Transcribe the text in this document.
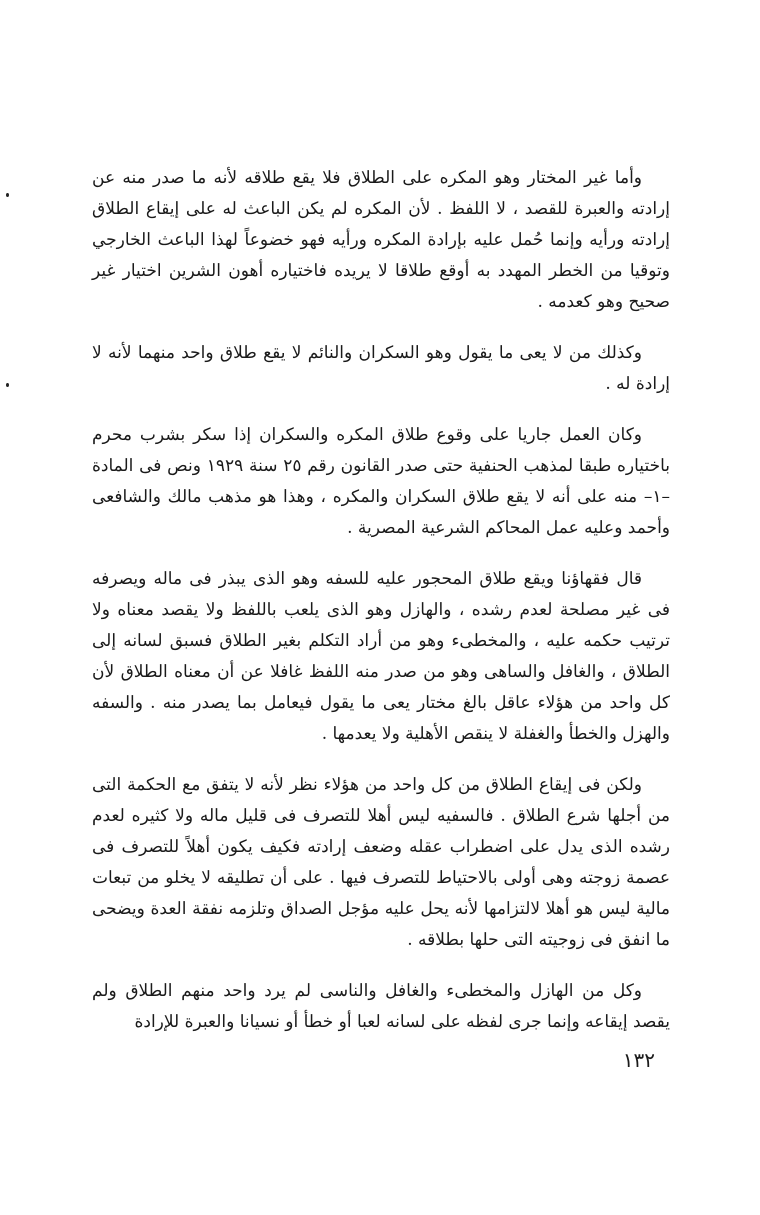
وأما غير المختار وهو المكره على الطلاق فلا يقع طلاقه لأنه ما صدر منه عن إرادته والعبرة للقصد ، لا اللفظ . لأن المكره لم يكن الباعث له على إيقاع الطلاق إرادته ورأيه وإنما حُمل عليه بإرادة المكره ورأيه فهو خضوعاً لهذا الباعث الخارجي وتوقيا من الخطر المهدد به أوقع طلاقا لا يريده فاختياره أهون الشرين اختيار غير صحيح وهو كعدمه .

وكذلك من لا يعى ما يقول وهو السكران والنائم لا يقع طلاق واحد منهما لأنه لا إرادة له .

وكان العمل جاريا على وقوع طلاق المكره والسكران إذا سكر بشرب محرم باختياره طبقا لمذهب الحنفية حتى صدر القانون رقم ٢٥ سنة ١٩٢٩ ونص فى المادة –١– منه على أنه لا يقع طلاق السكران والمكره ، وهذا هو مذهب مالك والشافعى وأحمد وعليه عمل المحاكم الشرعية المصرية .

قال فقهاؤنا ويقع طلاق المحجور عليه للسفه وهو الذى يبذر فى ماله ويصرفه فى غير مصلحة لعدم رشده ، والهازل وهو الذى يلعب باللفظ ولا يقصد معناه ولا ترتيب حكمه عليه ، والمخطىء وهو من أراد التكلم بغير الطلاق فسبق لسانه إلى الطلاق ، والغافل والساهى وهو من صدر منه اللفظ غافلا عن أن معناه الطلاق لأن كل واحد من هؤلاء عاقل بالغ مختار يعى ما يقول فيعامل بما يصدر منه . والسفه والهزل والخطأ والغفلة لا ينقص الأهلية ولا يعدمها .

ولكن فى إيقاع الطلاق من كل واحد من هؤلاء نظر لأنه لا يتفق مع الحكمة التى من أجلها شرع الطلاق . فالسفيه ليس أهلا للتصرف فى قليل ماله ولا كثيره لعدم رشده الذى يدل على اضطراب عقله وضعف إرادته فكيف يكون أهلاً للتصرف فى عصمة زوجته وهى أولى بالاحتياط للتصرف فيها . على أن تطليقه لا يخلو من تبعات مالية ليس هو أهلا لالتزامها لأنه يحل عليه مؤجل الصداق وتلزمه نفقة العدة ويضحى ما انفق فى زوجيته التى حلها بطلاقه .

وكل من الهازل والمخطىء والغافل والناسى لم يرد واحد منهم الطلاق ولم يقصد إيقاعه وإنما جرى لفظه على لسانه لعبا أو خطأ أو نسيانا والعبرة للإرادة

١٣٢
